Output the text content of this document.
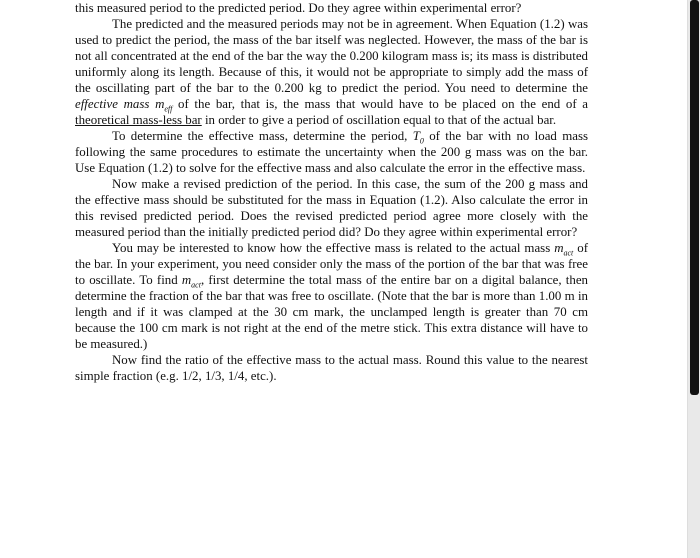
this measured period to the predicted period. Do they agree within experimental error?

The predicted and the measured periods may not be in agreement. When Equation (1.2) was used to predict the period, the mass of the bar itself was neglected. However, the mass of the bar is not all concentrated at the end of the bar the way the 0.200 kilogram mass is; its mass is distributed uniformly along its length. Because of this, it would not be appropriate to simply add the mass of the oscillating part of the bar to the 0.200 kg to predict the period. You need to determine the effective mass $m_{eff}$ of the bar, that is, the mass that would have to be placed on the end of a theoretical mass-less bar in order to give a period of oscillation equal to that of the actual bar.

To determine the effective mass, determine the period, $T_0$ of the bar with no load mass following the same procedures to estimate the uncertainty when the 200 g mass was on the bar. Use Equation (1.2) to solve for the effective mass and also calculate the error in the effective mass.

Now make a revised prediction of the period. In this case, the sum of the 200 g mass and the effective mass should be substituted for the mass in Equation (1.2). Also calculate the error in this revised predicted period. Does the revised predicted period agree more closely with the measured period than the initially predicted period did? Do they agree within experimental error?

You may be interested to know how the effective mass is related to the actual mass $m_{act}$ of the bar. In your experiment, you need consider only the mass of the portion of the bar that was free to oscillate. To find $m_{act}$, first determine the total mass of the entire bar on a digital balance, then determine the fraction of the bar that was free to oscillate. (Note that the bar is more than 1.00 m in length and if it was clamped at the 30 cm mark, the unclamped length is greater than 70 cm because the 100 cm mark is not right at the end of the metre stick. This extra distance will have to be measured.)

Now find the ratio of the effective mass to the actual mass. Round this value to the nearest simple fraction (e.g. 1/2, 1/3, 1/4, etc.).
